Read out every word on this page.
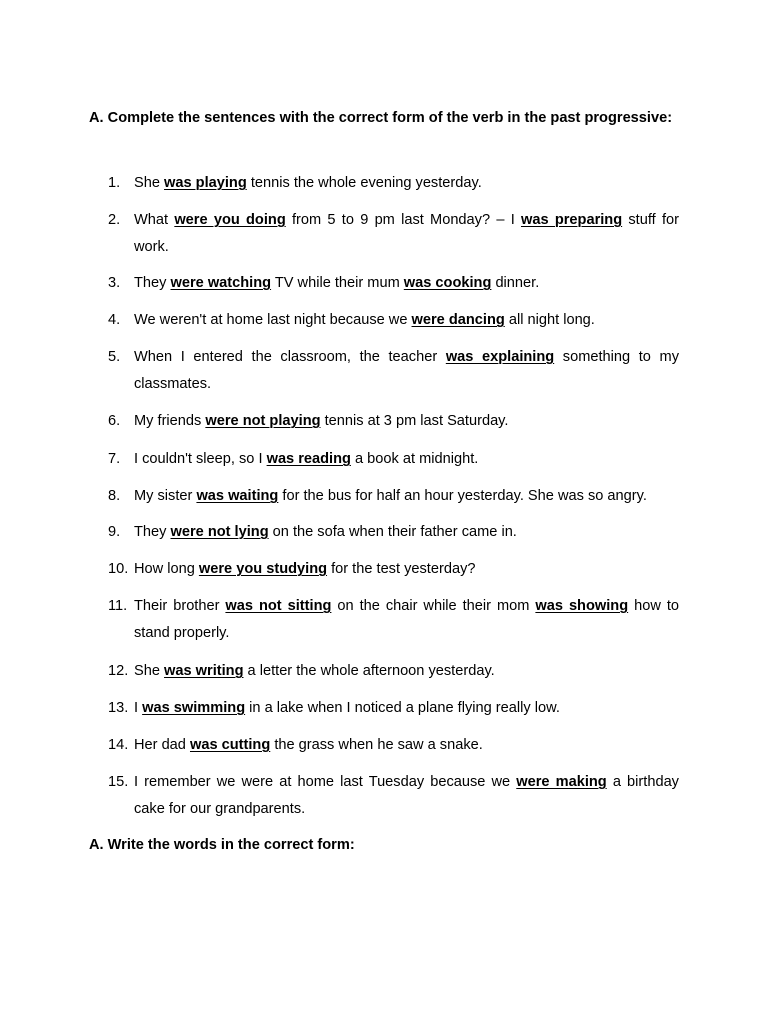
A. Complete the sentences with the correct form of the verb in the past progressive:
1. She was playing tennis the whole evening yesterday.
2. What were you doing from 5 to 9 pm last Monday? – I was preparing stuff for work.
3. They were watching TV while their mum was cooking dinner.
4. We weren't at home last night because we were dancing all night long.
5. When I entered the classroom, the teacher was explaining something to my classmates.
6. My friends were not playing tennis at 3 pm last Saturday.
7. I couldn't sleep, so I was reading a book at midnight.
8. My sister was waiting for the bus for half an hour yesterday. She was so angry.
9. They were not lying on the sofa when their father came in.
10. How long were you studying for the test yesterday?
11. Their brother was not sitting on the chair while their mom was showing how to stand properly.
12. She was writing a letter the whole afternoon yesterday.
13. I was swimming in a lake when I noticed a plane flying really low.
14. Her dad was cutting the grass when he saw a snake.
15. I remember we were at home last Tuesday because we were making a birthday cake for our grandparents.
A. Write the words in the correct form:
